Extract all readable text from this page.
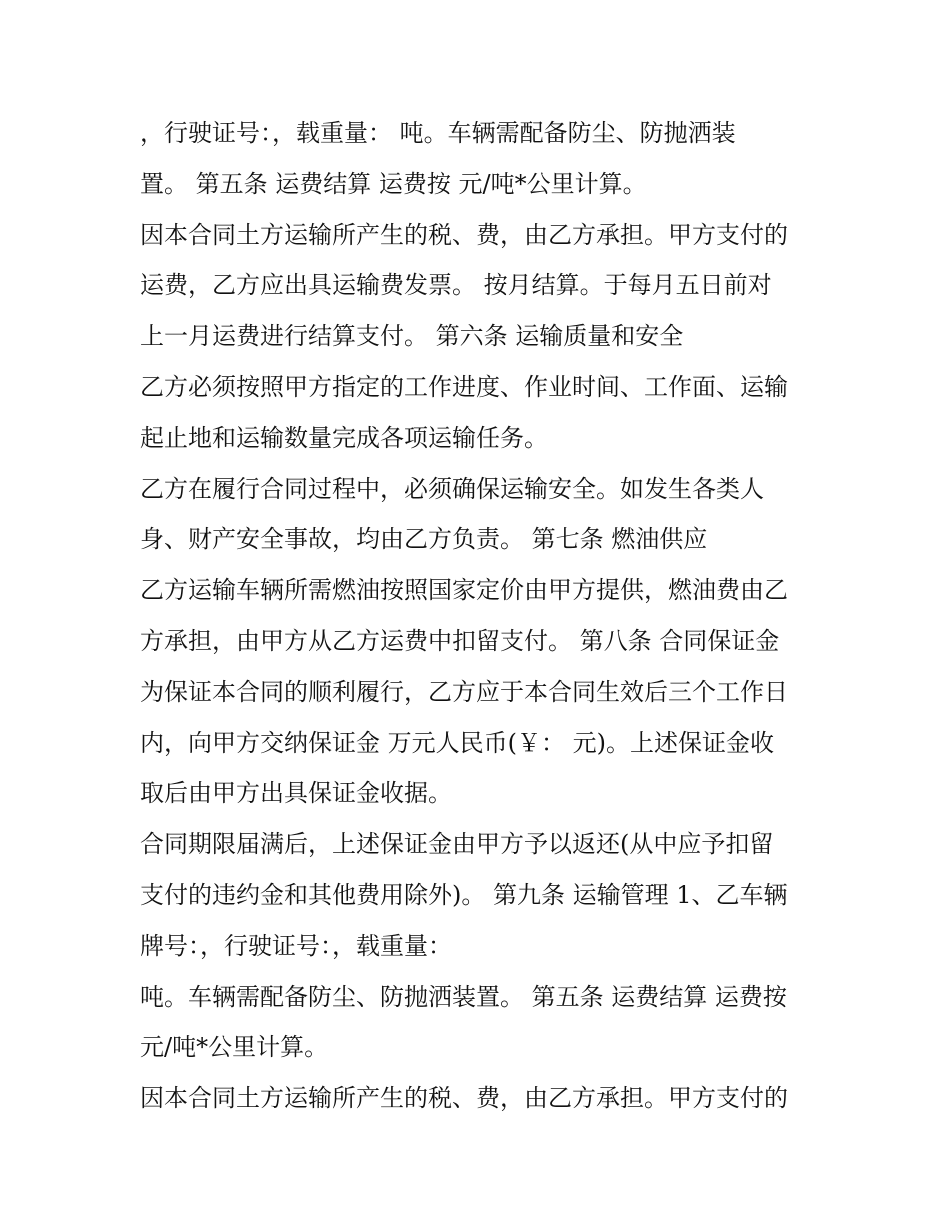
，行驶证号：，载重量： 吨。车辆需配备防尘、防抛洒装
置。 第五条 运费结算 运费按 元/吨*公里计算。
因本合同土方运输所产生的税、费，由乙方承担。甲方支付的
运费，乙方应出具运输费发票。 按月结算。于每月五日前对
上一月运费进行结算支付。 第六条 运输质量和安全
乙方必须按照甲方指定的工作进度、作业时间、工作面、运输
起止地和运输数量完成各项运输任务。
乙方在履行合同过程中，必须确保运输安全。如发生各类人
身、财产安全事故，均由乙方负责。 第七条 燃油供应
乙方运输车辆所需燃油按照国家定价由甲方提供，燃油费由乙
方承担，由甲方从乙方运费中扣留支付。 第八条 合同保证金
为保证本合同的顺利履行，乙方应于本合同生效后三个工作日
内，向甲方交纳保证金 万元人民币(￥： 元)。上述保证金收
取后由甲方出具保证金收据。
合同期限届满后，上述保证金由甲方予以返还(从中应予扣留
支付的违约金和其他费用除外)。 第九条 运输管理 1、乙车辆
牌号：，行驶证号：，载重量：
吨。车辆需配备防尘、防抛洒装置。 第五条 运费结算 运费按
元/吨*公里计算。
因本合同土方运输所产生的税、费，由乙方承担。甲方支付的
